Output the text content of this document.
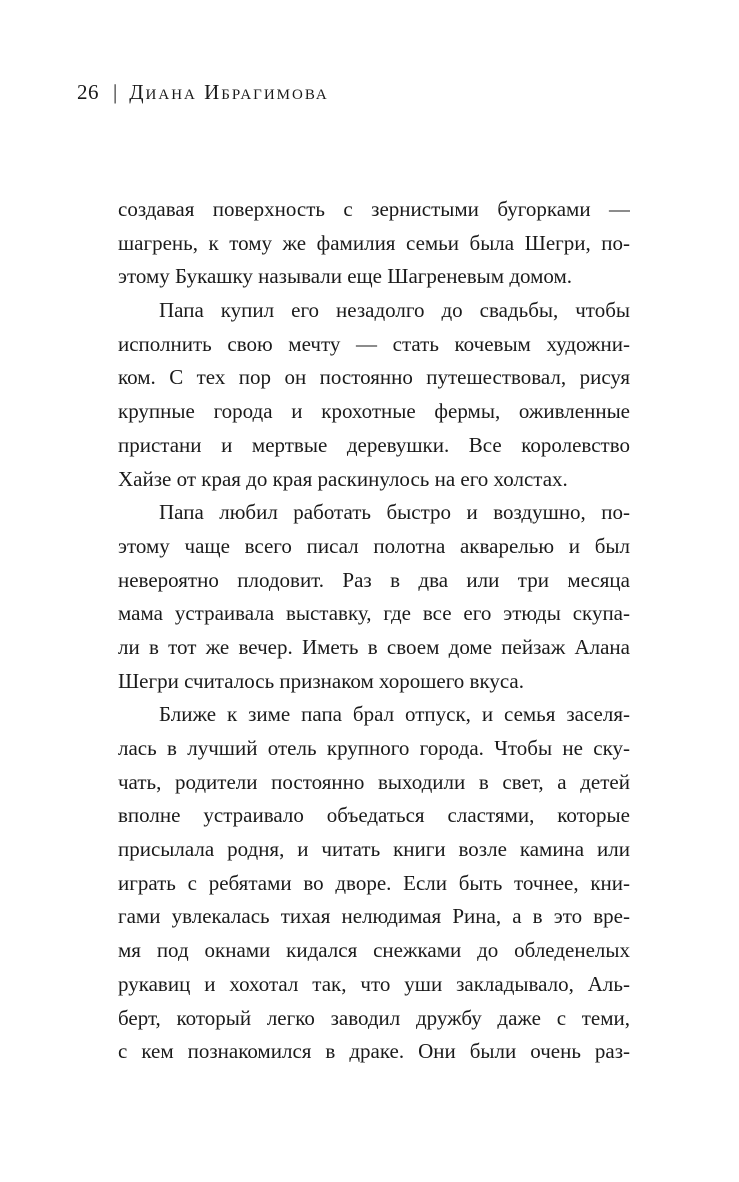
26 | Диана Ибрагимова
создавая поверхность с зернистыми бугорками —
шагрень, к тому же фамилия семьи была Шегри, по-
этому Букашку называли еще Шагреневым домом.
Папа купил его незадолго до свадьбы, чтобы
исполнить свою мечту — стать кочевым художни-
ком. С тех пор он постоянно путешествовал, рисуя
крупные города и крохотные фермы, оживленные
пристани и мертвые деревушки. Все королевство
Хайзе от края до края раскинулось на его холстах.
Папа любил работать быстро и воздушно, по-
этому чаще всего писал полотна акварелью и был
невероятно плодовит. Раз в два или три месяца
мама устраивала выставку, где все его этюды скупа-
ли в тот же вечер. Иметь в своем доме пейзаж Алана
Шегри считалось признаком хорошего вкуса.
Ближе к зиме папа брал отпуск, и семья заселя-
лась в лучший отель крупного города. Чтобы не ску-
чать, родители постоянно выходили в свет, а детей
вполне устраивало объедаться сластями, которые
присылала родня, и читать книги возле камина или
играть с ребятами во дворе. Если быть точнее, кни-
гами увлекалась тихая нелюдимая Рина, а в это вре-
мя под окнами кидался снежками до обледенелых
рукавиц и хохотал так, что уши закладывало, Аль-
берт, который легко заводил дружбу даже с теми,
с кем познакомился в драке. Они были очень раз-
